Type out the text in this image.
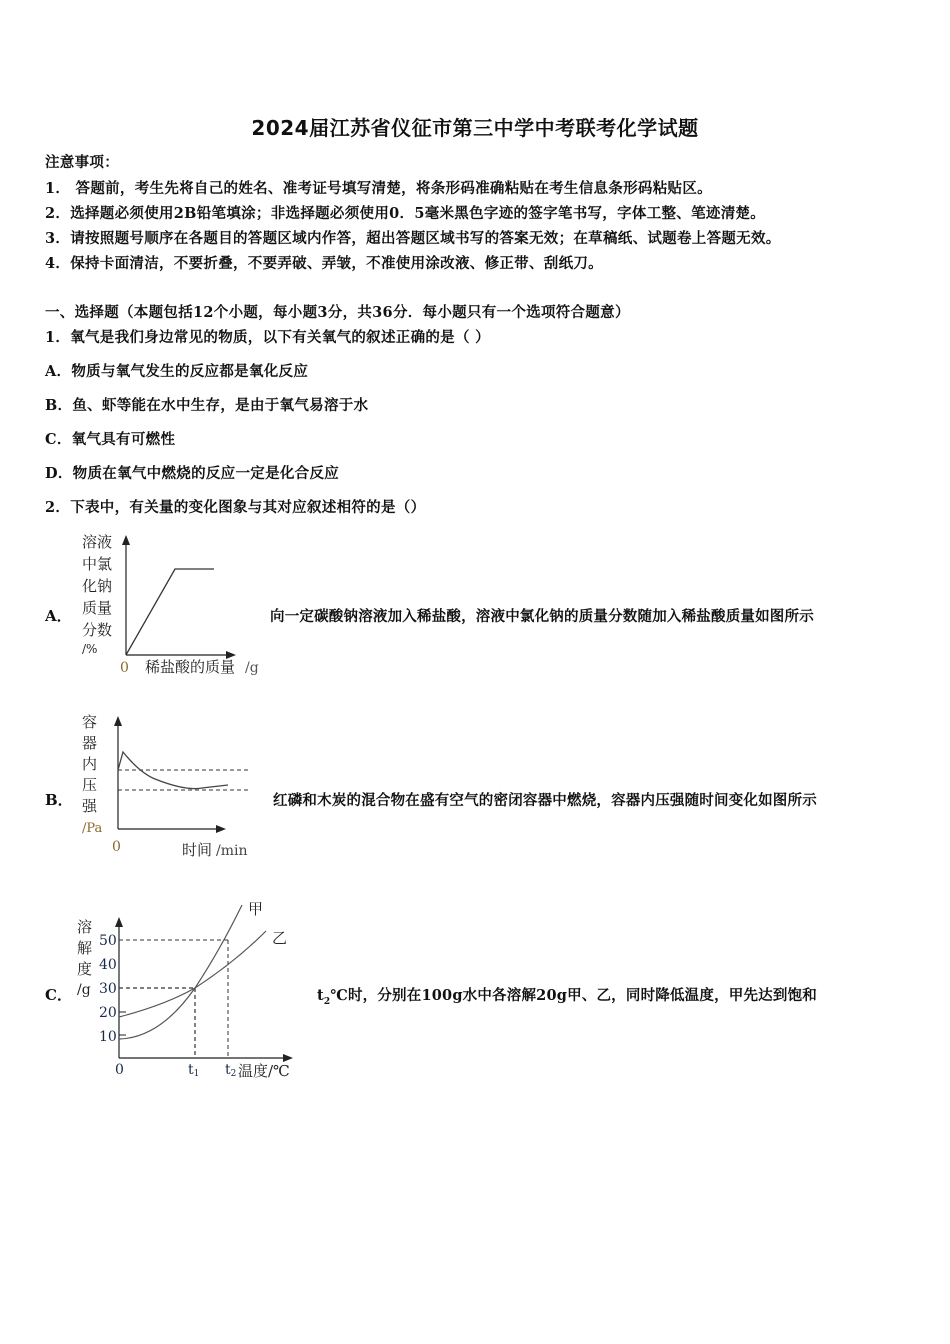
2024届江苏省仪征市第三中学中考联考化学试题
注意事项：
1． 答题前，考生先将自己的姓名、准考证号填写清楚，将条形码准确粘贴在考生信息条形码粘贴区。
2．选择题必须使用2B铅笔填涂；非选择题必须使用0．5毫米黑色字迹的签字笔书写，字体工整、笔迹清楚。
3．请按照题号顺序在各题目的答题区域内作答，超出答题区域书写的答案无效；在草稿纸、试题卷上答题无效。
4．保持卡面清洁，不要折叠，不要弄破、弄皱，不准使用涂改液、修正带、刮纸刀。
一、选择题（本题包括12个小题，每小题3分，共36分．每小题只有一个选项符合题意）
1．氧气是我们身边常见的物质，以下有关氧气的叙述正确的是（ ）
A．物质与氧气发生的反应都是氧化反应
B．鱼、虾等能在水中生存，是由于氧气易溶于水
C．氧气具有可燃性
D．物质在氧气中燃烧的反应一定是化合反应
2．下表中，有关量的变化图象与其对应叙述相符的是（）
A．
溶液
中氯
化钠
质量
分数
/%
0 稀盐酸的质量 /g
向一定碳酸钠溶液加入稀盐酸，溶液中氯化钠的质量分数随加入稀盐酸质量如图所示
B．
容
器
内
压
强
/Pa
0	时间 /min
红磷和木炭的混合物在盛有空气的密闭容器中燃烧，容器内压强随时间变化如图所示
C．
溶
解
度
/g
50
40
30
20
10
0	t1 t2 温度/℃
甲
乙
$t_2℃$时，分别在100g水中各溶解20g甲、乙，同时降低温度，甲先达到饱和
